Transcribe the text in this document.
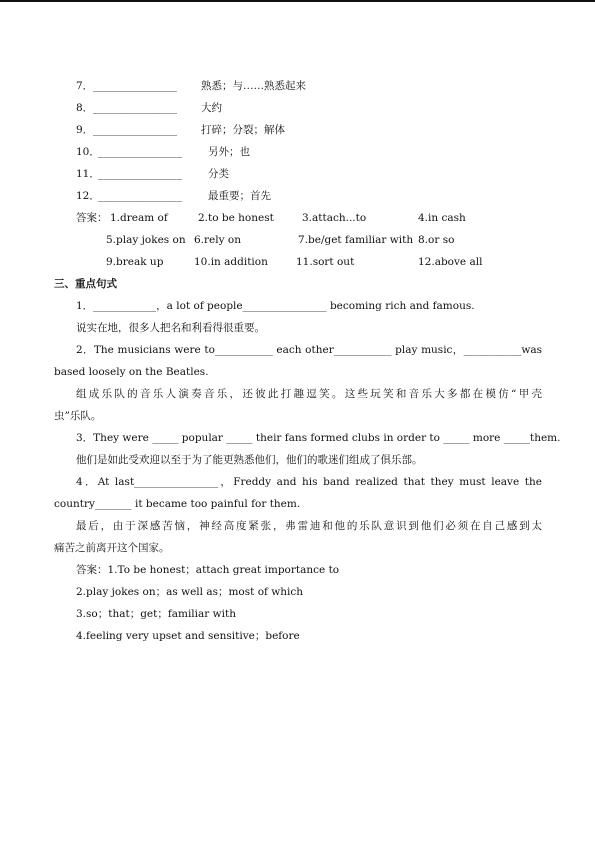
7．________________ 熟悉；与……熟悉起来
8．________________ 大约
9．________________ 打碎；分裂；解体
10．________________ 另外；也
11．________________ 分类
12．________________ 最重要；首先
答案： 1.dream of	2.to be honest	3.attach...to	4.in cash
5.play jokes on 6.rely on	7.be/get familiar with 8.or so
9.break up	10.in addition	11.sort out	12.above all
三、重点句式
1．____________，a lot of people________________ becoming rich and famous.
说实在地，很多人把名和利看得很重要。
2．The musicians were to___________ each other___________ play music，___________was
based loosely on the Beatles.
组成乐队的音乐人演奏音乐，还彼此打趣逗笑。这些玩笑和音乐大多都在模仿“甲壳
虫”乐队。
3．They were _____ popular _____ their fans formed clubs in order to _____ more _____them.
他们是如此受欢迎以至于为了能更熟悉他们，他们的歌迷们组成了俱乐部。
4．At last________________，Freddy and his band realized that they must leave the
country_______ it became too painful for them.
最后，由于深感苦恼，神经高度紧张，弗雷迪和他的乐队意识到他们必须在自己感到太
痛苦之前离开这个国家。
答案：1.To be honest；attach great importance to
2.play jokes on；as well as；most of which
3.so；that；get；familiar with
4.feeling very upset and sensitive；before
